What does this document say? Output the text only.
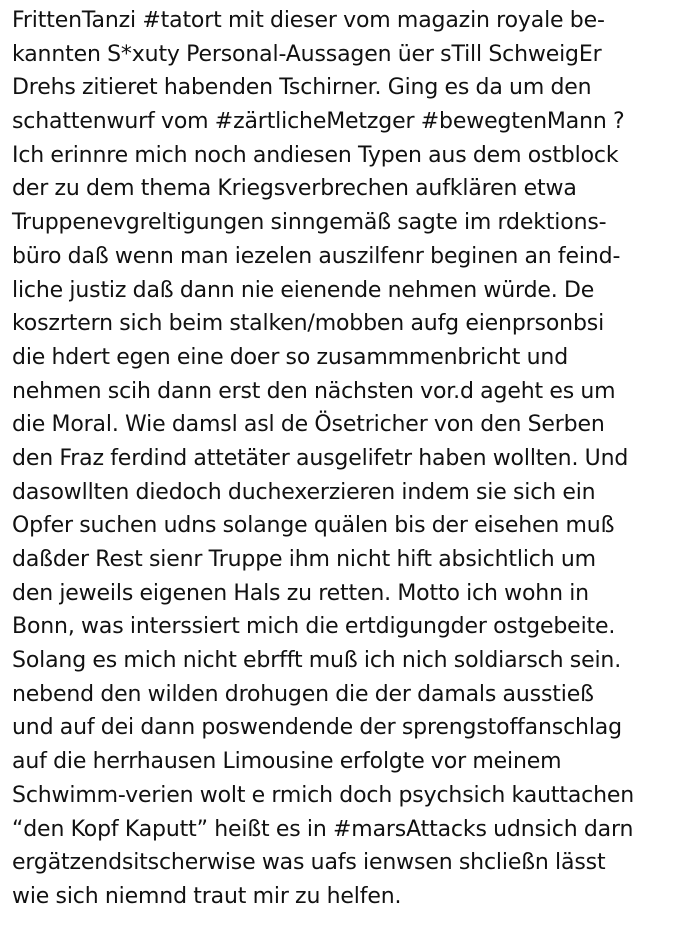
FrittenTanzi #tatort mit dieser vom magazin royale be-
kannten S*xuty Personal-Aussagen üer sTill SchweigEr
Drehs zitieret habenden Tschirner. Ging es da um den
schattenwurf vom #zärtlicheMetzger #bewegtenMann ?
Ich erinnre mich noch andiesen Typen aus dem ostblock
der zu dem thema Kriegsverbrechen aufklären etwa
Truppenevgreltigungen sinngemäß sagte im rdektions-
büro daß wenn man iezelen auszilfenr beginen an feind-
liche justiz daß dann nie eienende nehmen würde. De
koszrtern sich beim stalken/mobben aufg eienprsonbsi
die hdert egen eine doer so zusammmenbricht und
nehmen scih dann erst den nächsten vor.d ageht es um
die Moral. Wie damsl asl de Ösetricher von den Serben
den Fraz ferdind attetäter ausgelifetr haben wollten. Und
dasowllten diedoch duchexerzieren indem sie sich ein
Opfer suchen udns solange quälen bis der eisehen muß
daßder Rest sienr Truppe ihm nicht hift absichtlich um
den jeweils eigenen Hals zu retten. Motto ich wohn in
Bonn, was interssiert mich die ertdigungder ostgebeite.
Solang es mich nicht ebrfft muß ich nich soldiarsch sein.
nebend den wilden drohugen die der damals ausstieß
und auf dei dann poswendende der sprengstoffanschlag
auf die herrhausen Limousine erfolgte vor meinem
Schwimm-verien wolt e rmich doch psychsich kauttachen
“den Kopf Kaputt” heißt es in #marsAttacks udnsich darn
ergätzendsitscherwise was uafs ienwsen shcließn lässt
wie sich niemnd traut mir zu helfen.
